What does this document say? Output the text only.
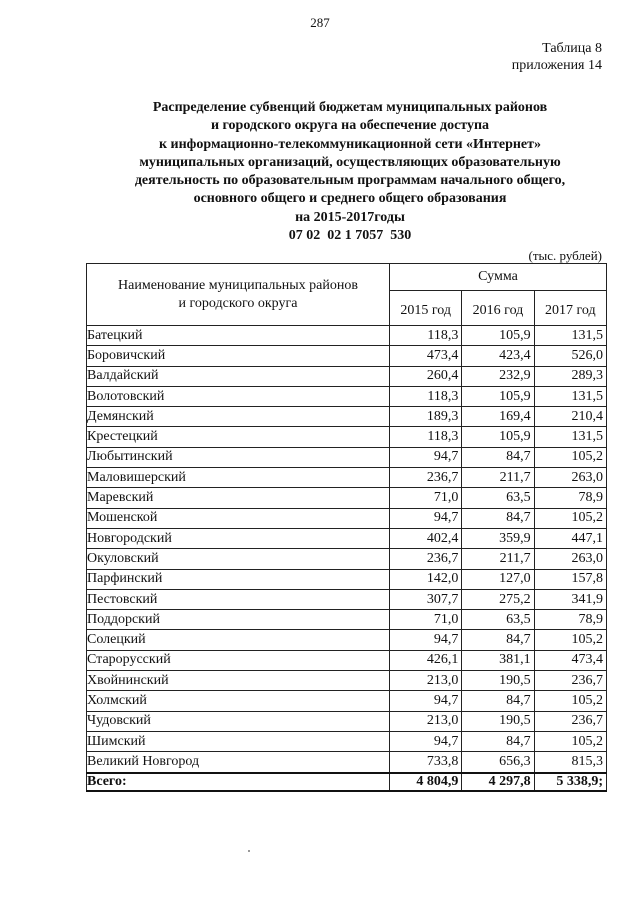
287
Таблица 8
приложения 14
Распределение субвенций бюджетам муниципальных районов
и городского округа на обеспечение доступа
к информационно-телекоммуникационной сети «Интернет»
муниципальных организаций, осуществляющих образовательную
деятельность по образовательным программам начального общего,
основного общего и среднего общего образования
на 2015-2017годы
07 02  02 1 7057  530
(тыс. рублей)
Наименование муниципальных районов
и городского округа	Сумма		
	2015 год	2016 год	2017 год
Батецкий	118,3	105,9	131,5
Боровичский	473,4	423,4	526,0
Валдайский	260,4	232,9	289,3
Волотовский	118,3	105,9	131,5
Демянский	189,3	169,4	210,4
Крестецкий	118,3	105,9	131,5
Любытинский	94,7	84,7	105,2
Маловишерский	236,7	211,7	263,0
Маревский	71,0	63,5	78,9
Мошенской	94,7	84,7	105,2
Новгородский	402,4	359,9	447,1
Окуловский	236,7	211,7	263,0
Парфинский	142,0	127,0	157,8
Пестовский	307,7	275,2	341,9
Поддорский	71,0	63,5	78,9
Солецкий	94,7	84,7	105,2
Старорусский	426,1	381,1	473,4
Хвойнинский	213,0	190,5	236,7
Холмский	94,7	84,7	105,2
Чудовский	213,0	190,5	236,7
Шимский	94,7	84,7	105,2
Великий Новгород	733,8	656,3	815,3
Всего:	4 804,9	4 297,8	5 338,9;
